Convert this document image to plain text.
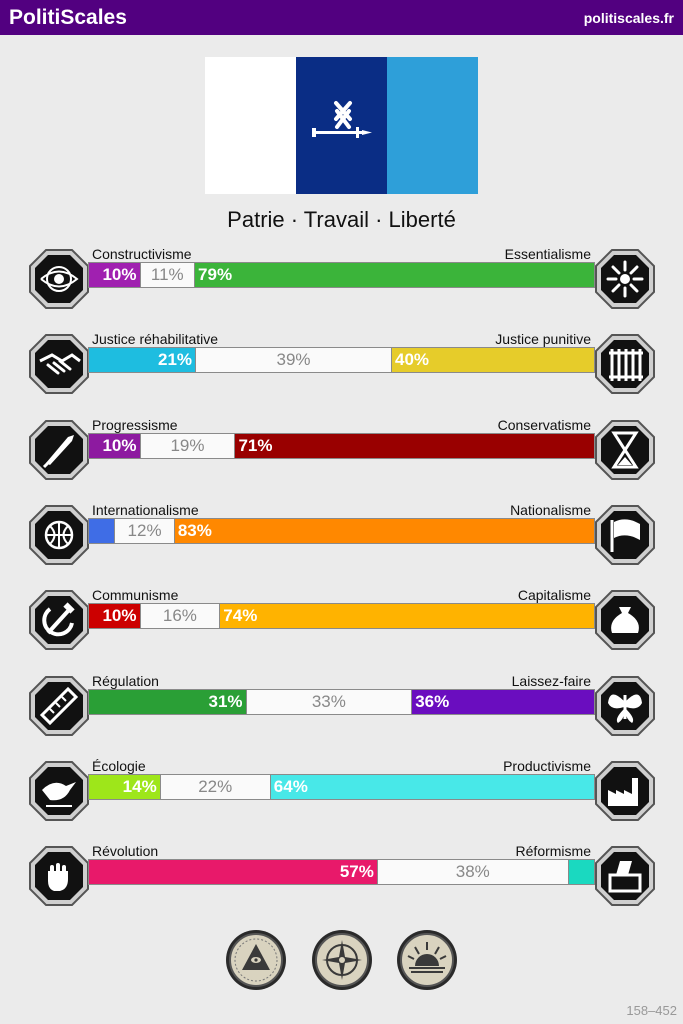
PolitiScales	politiscales.fr
Patrie · Travail · Liberté
Constructivisme	Essentialisme
10% 11% 79%
Justice réhabilitative	Justice punitive
21%	39%	40%
Progressisme	Conservatisme
10%	19%	71%
Internationalisme	Nationalisme
12% 83%
Communisme	Capitalisme
10%	16%	74%
Régulation	Laissez-faire
31%	33%	36%
Écologie	Productivisme
14%	22%	64%
Révolution	Réformisme
57%	38%
158–452
